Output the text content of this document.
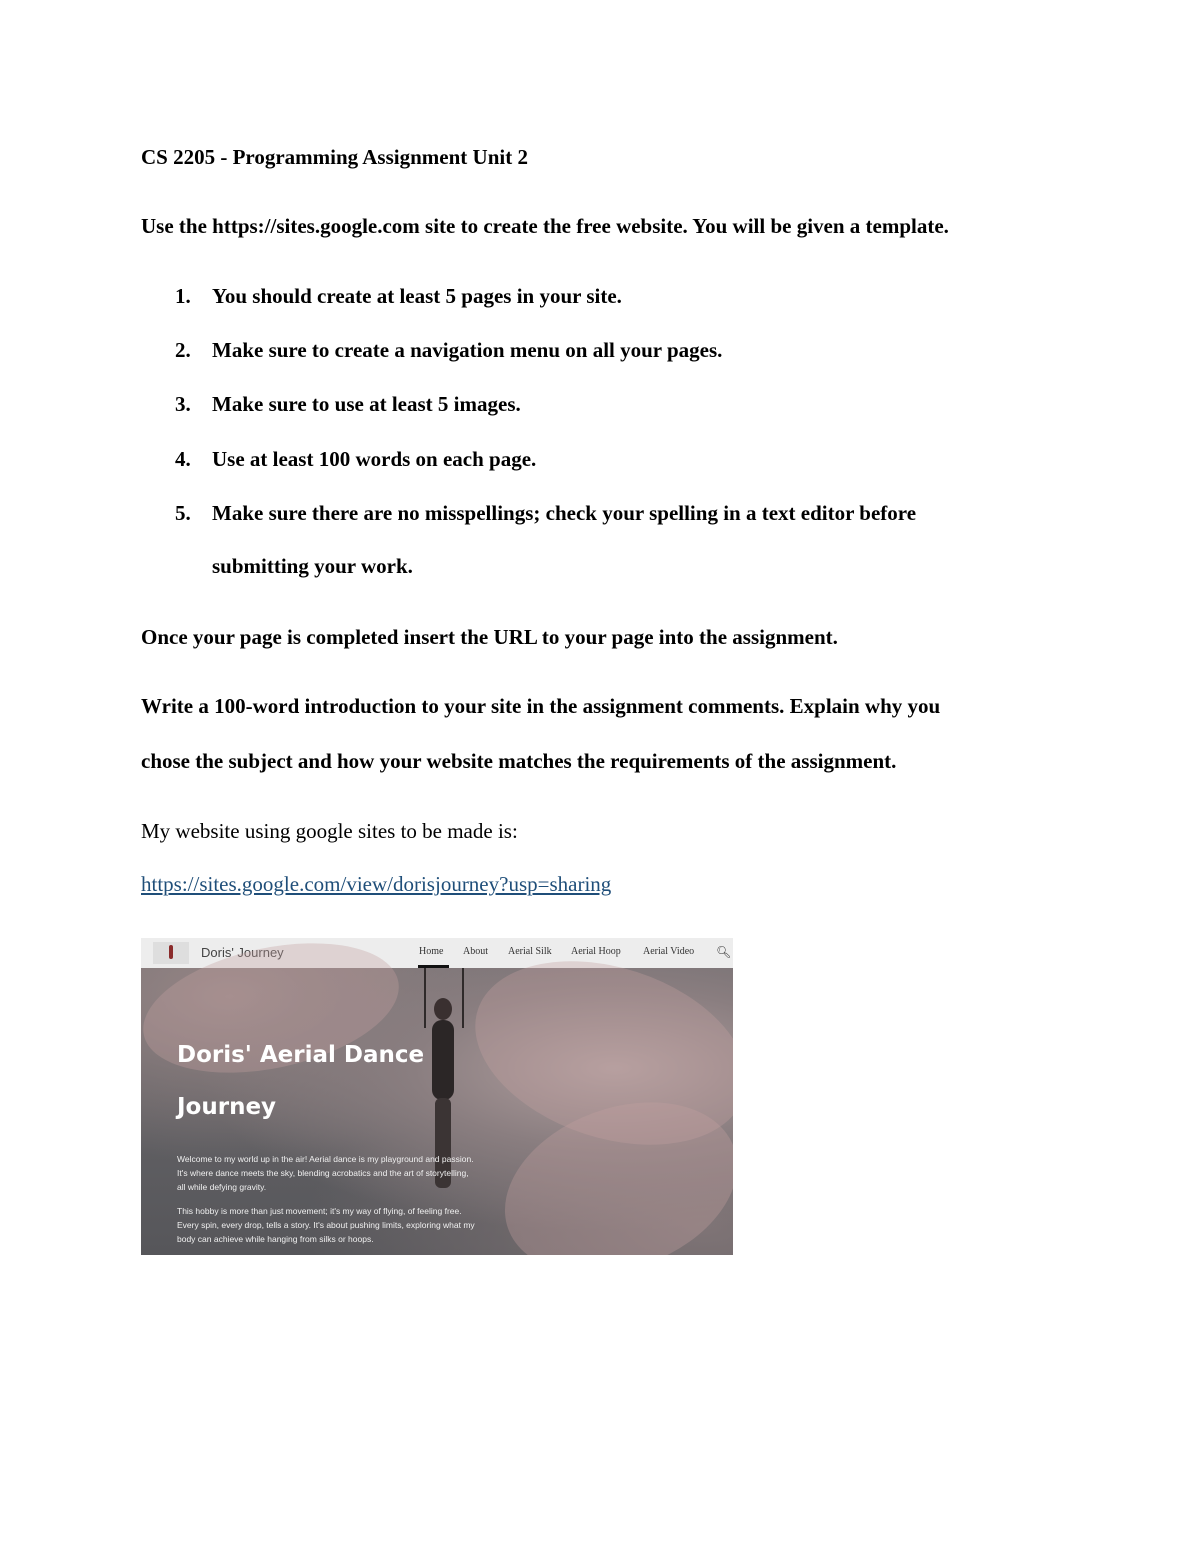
CS 2205 - Programming Assignment Unit 2
Use the https://sites.google.com site to create the free website. You will be given a template.
1. You should create at least 5 pages in your site.
2. Make sure to create a navigation menu on all your pages.
3. Make sure to use at least 5 images.
4. Use at least 100 words on each page.
5. Make sure there are no misspellings; check your spelling in a text editor before
submitting your work.
Once your page is completed insert the URL to your page into the assignment.
Write a 100-word introduction to your site in the assignment comments. Explain why you
chose the subject and how your website matches the requirements of the assignment.
My website using google sites to be made is:
https://sites.google.com/view/dorisjourney?usp=sharing
Doris' Journey	Home About Aerial Silk Aerial Hoop Aerial Video 🔍︎
Doris' Aerial Dance
Journey
Welcome to my world up in the air! Aerial dance is my playground and passion.
It's where dance meets the sky, blending acrobatics and the art of storytelling,
all while defying gravity.
This hobby is more than just movement; it's my way of flying, of feeling free.
Every spin, every drop, tells a story. It's about pushing limits, exploring what my
body can achieve while hanging from silks or hoops.
